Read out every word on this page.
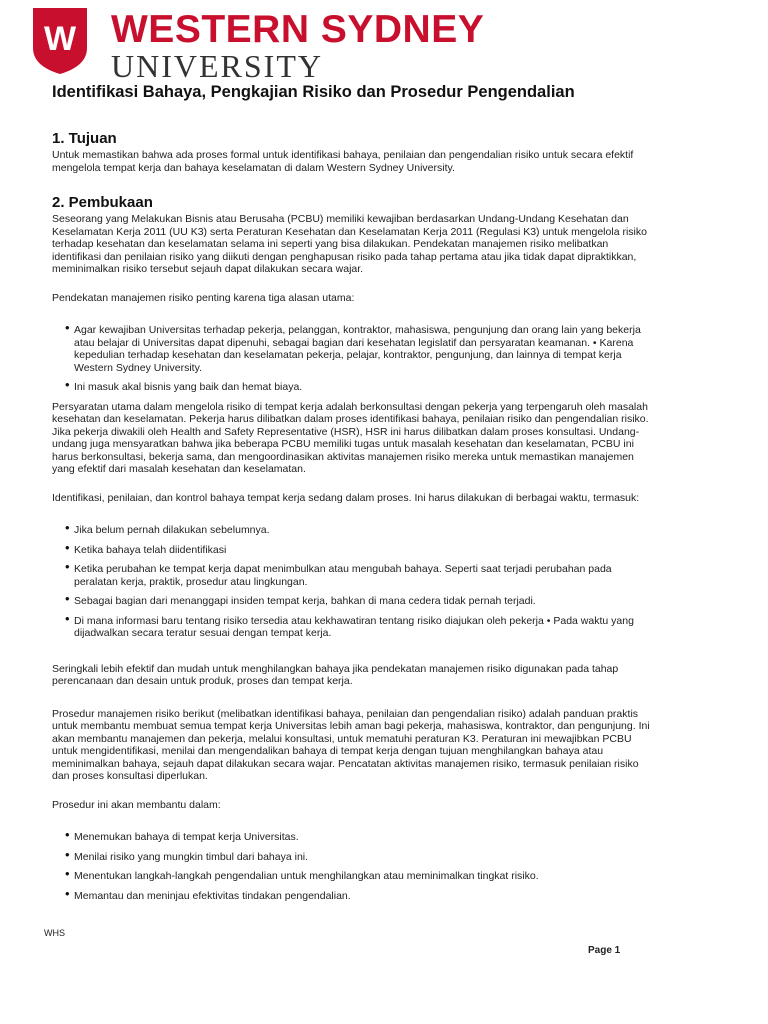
W WESTERN SYDNEY
UNIVERSITY
Identifikasi Bahaya, Pengkajian Risiko dan Prosedur Pengendalian
1. Tujuan

Untuk memastikan bahwa ada proses formal untuk identifikasi bahaya, penilaian dan pengendalian risiko untuk secara efektif mengelola tempat kerja dan bahaya keselamatan di dalam Western Sydney University.

2. Pembukaan

Seseorang yang Melakukan Bisnis atau Berusaha (PCBU) memiliki kewajiban berdasarkan Undang-Undang Kesehatan dan Keselamatan Kerja 2011 (UU K3) serta Peraturan Kesehatan dan Keselamatan Kerja 2011 (Regulasi K3) untuk mengelola risiko terhadap kesehatan dan keselamatan selama ini seperti yang bisa dilakukan. Pendekatan manajemen risiko melibatkan identifikasi dan penilaian risiko yang diikuti dengan penghapusan risiko pada tahap pertama atau jika tidak dapat dipraktikkan, meminimalkan risiko tersebut sejauh dapat dilakukan secara wajar.

Pendekatan manajemen risiko penting karena tiga alasan utama:

• Agar kewajiban Universitas terhadap pekerja, pelanggan, kontraktor, mahasiswa, pengunjung dan orang lain yang bekerja atau belajar di Universitas dapat dipenuhi, sebagai bagian dari kesehatan legislatif dan persyaratan keamanan. • Karena kepedulian terhadap kesehatan dan keselamatan pekerja, pelajar, kontraktor, pengunjung, dan lainnya di tempat kerja Western Sydney University.
• Ini masuk akal bisnis yang baik dan hemat biaya.

Persyaratan utama dalam mengelola risiko di tempat kerja adalah berkonsultasi dengan pekerja yang terpengaruh oleh masalah kesehatan dan keselamatan. Pekerja harus dilibatkan dalam proses identifikasi bahaya, penilaian risiko dan pengendalian risiko. Jika pekerja diwakili oleh Health and Safety Representative (HSR), HSR ini harus dilibatkan dalam proses konsultasi. Undang-undang juga mensyaratkan bahwa jika beberapa PCBU memiliki tugas untuk masalah kesehatan dan keselamatan, PCBU ini harus berkonsultasi, bekerja sama, dan mengoordinasikan aktivitas manajemen risiko mereka untuk memastikan manajemen yang efektif dari masalah kesehatan dan keselamatan.

Identifikasi, penilaian, dan kontrol bahaya tempat kerja sedang dalam proses. Ini harus dilakukan di berbagai waktu, termasuk:

• Jika belum pernah dilakukan sebelumnya.
• Ketika bahaya telah diidentifikasi
• Ketika perubahan ke tempat kerja dapat menimbulkan atau mengubah bahaya. Seperti saat terjadi perubahan pada peralatan kerja, praktik, prosedur atau lingkungan.
• Sebagai bagian dari menanggapi insiden tempat kerja, bahkan di mana cedera tidak pernah terjadi.
• Di mana informasi baru tentang risiko tersedia atau kekhawatiran tentang risiko diajukan oleh pekerja • Pada waktu yang dijadwalkan secara teratur sesuai dengan tempat kerja.

Seringkali lebih efektif dan mudah untuk menghilangkan bahaya jika pendekatan manajemen risiko digunakan pada tahap perencanaan dan desain untuk produk, proses dan tempat kerja.

Prosedur manajemen risiko berikut (melibatkan identifikasi bahaya, penilaian dan pengendalian risiko) adalah panduan praktis untuk membantu membuat semua tempat kerja Universitas lebih aman bagi pekerja, mahasiswa, kontraktor, dan pengunjung. Ini akan membantu manajemen dan pekerja, melalui konsultasi, untuk mematuhi peraturan K3. Peraturan ini mewajibkan PCBU untuk mengidentifikasi, menilai dan mengendalikan bahaya di tempat kerja dengan tujuan menghilangkan bahaya atau meminimalkan bahaya, sejauh dapat dilakukan secara wajar. Pencatatan aktivitas manajemen risiko, termasuk penilaian risiko dan proses konsultasi diperlukan.

Prosedur ini akan membantu dalam:

• Menemukan bahaya di tempat kerja Universitas.
• Menilai risiko yang mungkin timbul dari bahaya ini.
• Menentukan langkah-langkah pengendalian untuk menghilangkan atau meminimalkan tingkat risiko.
• Memantau dan meninjau efektivitas tindakan pengendalian.
WHS
Page 1
